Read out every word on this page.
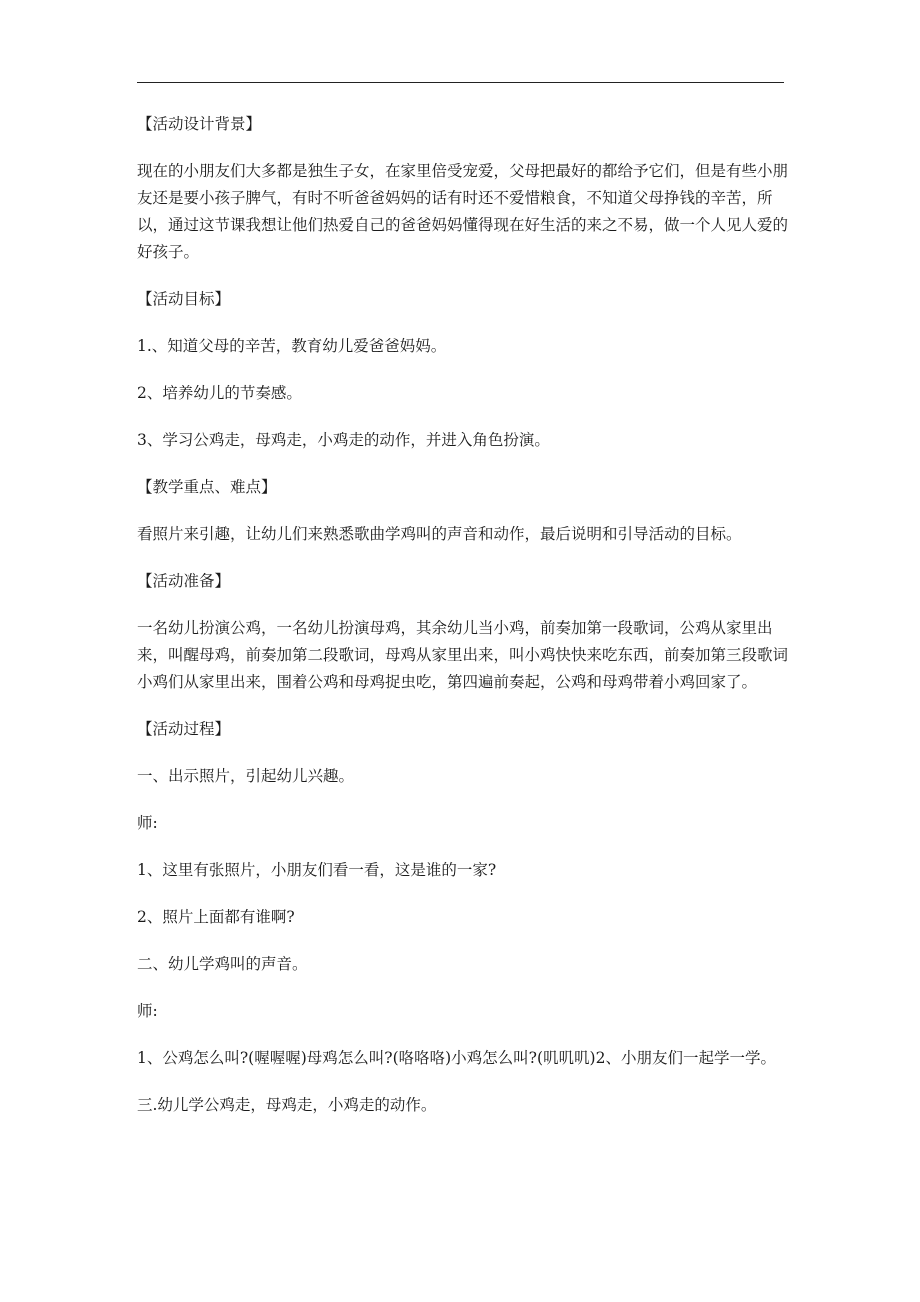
【活动设计背景】

现在的小朋友们大多都是独生子女，在家里倍受宠爱，父母把最好的都给予它们，但是有些小朋友还是要小孩子脾气，有时不听爸爸妈妈的话有时还不爱惜粮食，不知道父母挣钱的辛苦，所以，通过这节课我想让他们热爱自己的爸爸妈妈懂得现在好生活的来之不易，做一个人见人爱的好孩子。

【活动目标】

1.、知道父母的辛苦，教育幼儿爱爸爸妈妈。

2、培养幼儿的节奏感。

3、学习公鸡走，母鸡走，小鸡走的动作，并进入角色扮演。

【教学重点、难点】

看照片来引趣，让幼儿们来熟悉歌曲学鸡叫的声音和动作，最后说明和引导活动的目标。

【活动准备】

一名幼儿扮演公鸡，一名幼儿扮演母鸡，其余幼儿当小鸡，前奏加第一段歌词，公鸡从家里出来，叫醒母鸡，前奏加第二段歌词，母鸡从家里出来，叫小鸡快快来吃东西，前奏加第三段歌词小鸡们从家里出来，围着公鸡和母鸡捉虫吃，第四遍前奏起，公鸡和母鸡带着小鸡回家了。

【活动过程】

一、出示照片，引起幼儿兴趣。

师:

1、这里有张照片，小朋友们看一看，这是谁的一家?

2、照片上面都有谁啊?

二、幼儿学鸡叫的声音。

师:

1、公鸡怎么叫?(喔喔喔)母鸡怎么叫?(咯咯咯)小鸡怎么叫?(叽叽叽)2、小朋友们一起学一学。

三.幼儿学公鸡走，母鸡走，小鸡走的动作。
